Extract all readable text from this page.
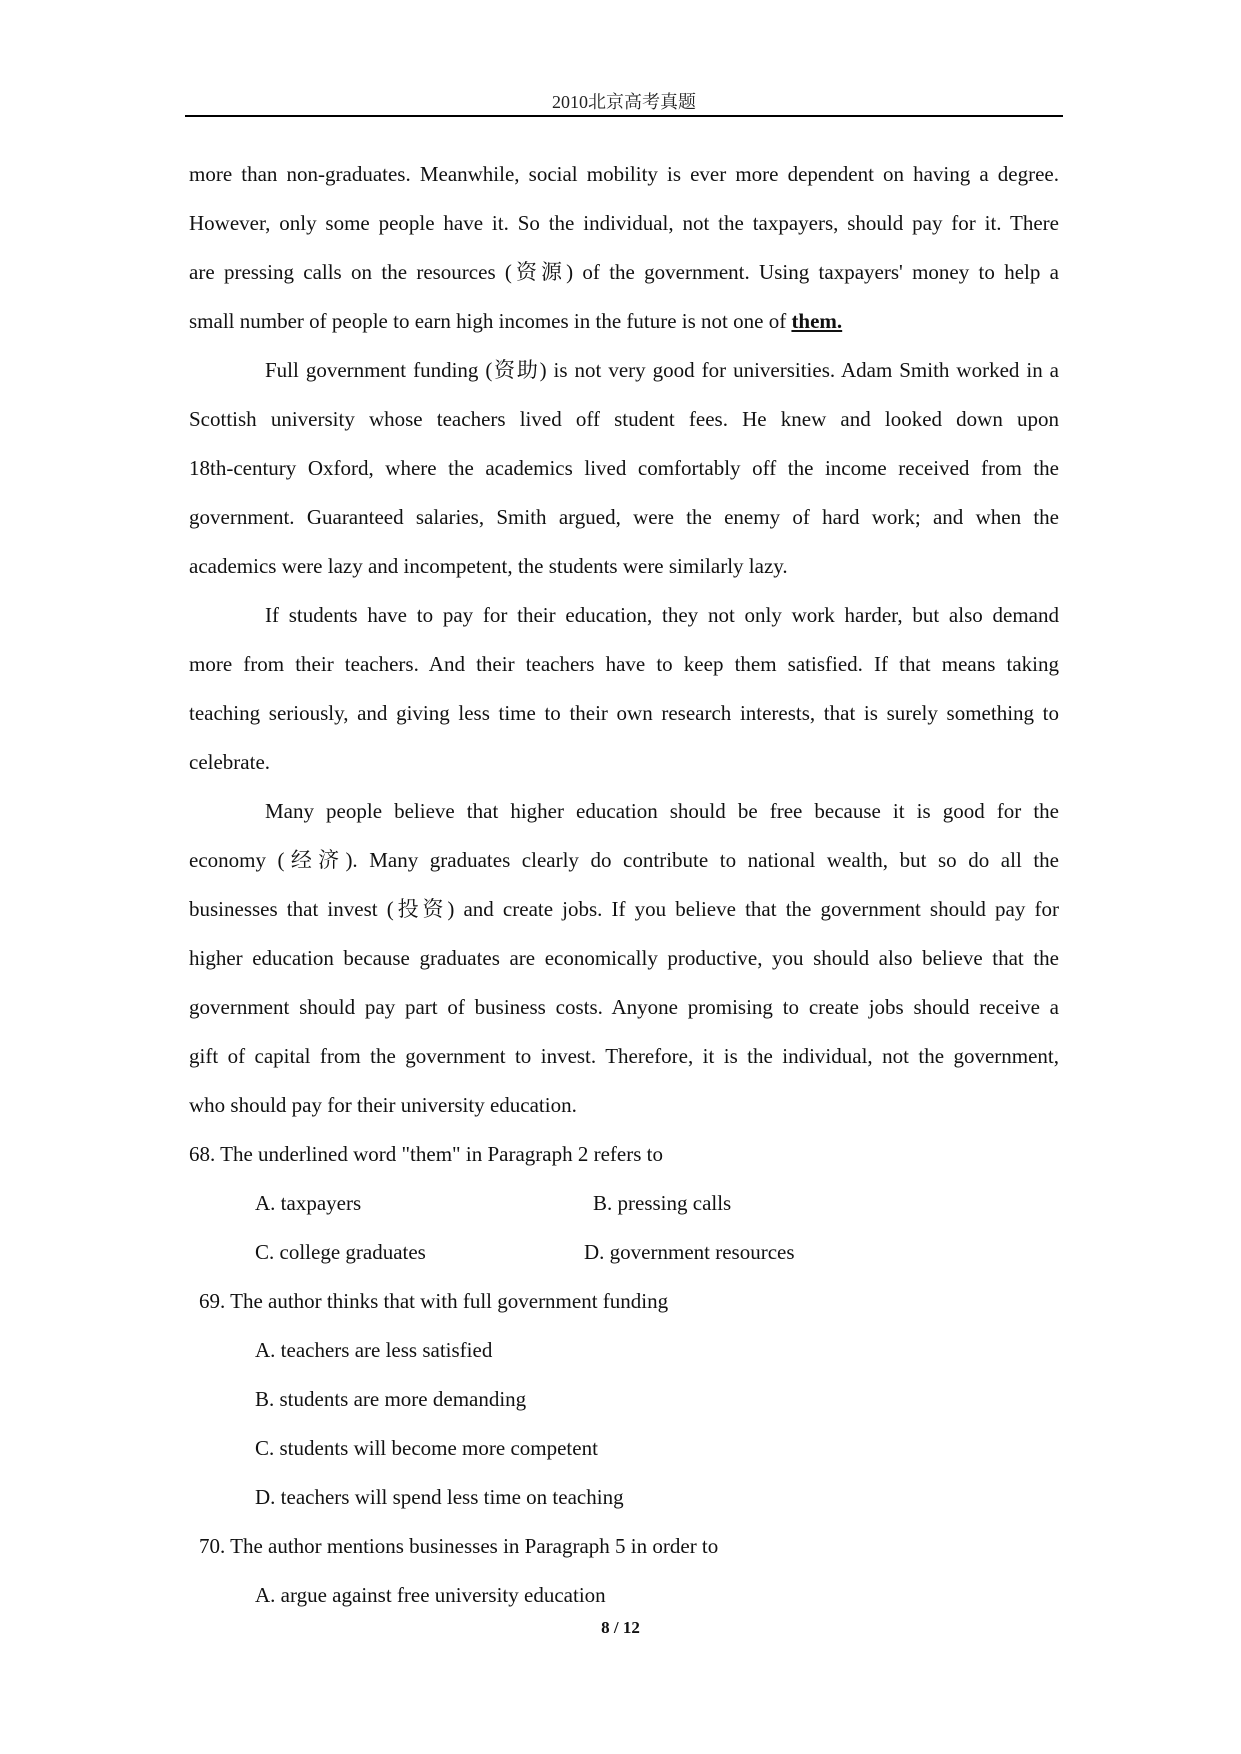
2010北京高考真题
more than non-graduates. Meanwhile, social mobility is ever more dependent on having a degree.
However, only some people have it. So the individual, not the taxpayers, should pay for it. There
are pressing calls on the resources (资源) of the government. Using taxpayers' money to help a
small number of people to earn high incomes in the future is not one of them.
Full government funding (资助) is not very good for universities. Adam Smith worked in a
Scottish university whose teachers lived off student fees. He knew and looked down upon
18th-century Oxford, where the academics lived comfortably off the income received from the
government. Guaranteed salaries, Smith argued, were the enemy of hard work; and when the
academics were lazy and incompetent, the students were similarly lazy.
If students have to pay for their education, they not only work harder, but also demand
more from their teachers. And their teachers have to keep them satisfied. If that means taking
teaching seriously, and giving less time to their own research interests, that is surely something to
celebrate.
Many people believe that higher education should be free because it is good for the
economy (经济). Many graduates clearly do contribute to national wealth, but so do all the
businesses that invest (投资) and create jobs. If you believe that the government should pay for
higher education because graduates are economically productive, you should also believe that the
government should pay part of business costs. Anyone promising to create jobs should receive a
gift of capital from the government to invest. Therefore, it is the individual, not the government,
who should pay for their university education.
68. The underlined word "them" in Paragraph 2 refers to
A. taxpayers	B. pressing calls
C. college graduates	D. government resources
69. The author thinks that with full government funding
A. teachers are less satisfied
B. students are more demanding
C. students will become more competent
D. teachers will spend less time on teaching
70. The author mentions businesses in Paragraph 5 in order to
A. argue against free university education
8 / 12
